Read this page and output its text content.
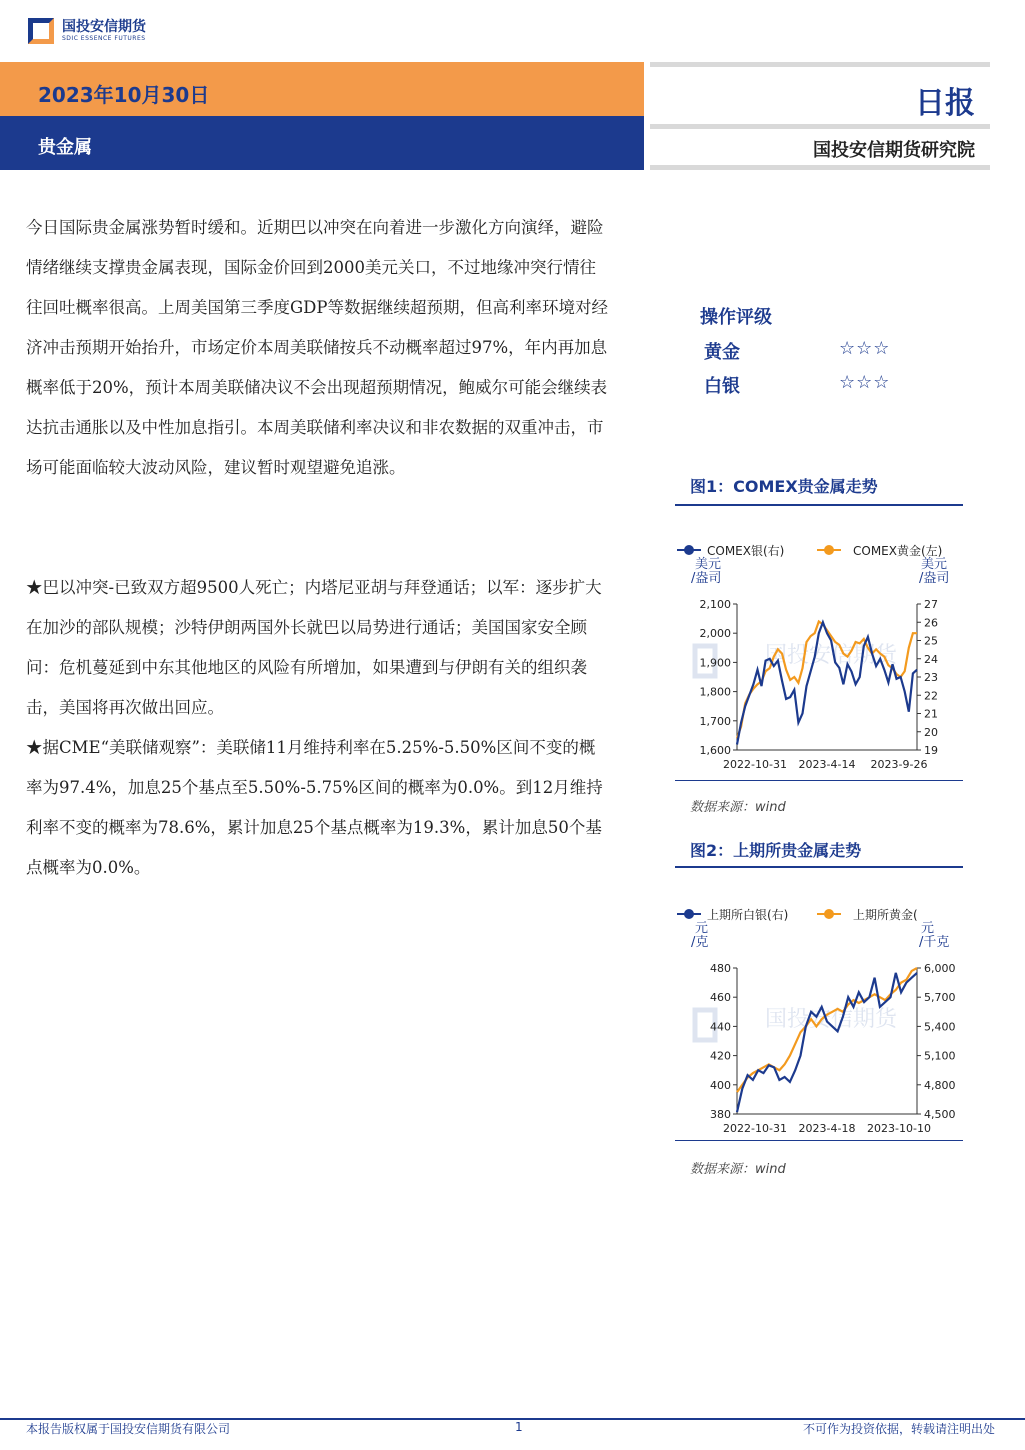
国投安信期货
SDIC ESSENCE FUTURES
2023年10月30日
贵金属
日报
国投安信期货研究院
今日国际贵金属涨势暂时缓和。近期巴以冲突在向着进一步激化方向演绎，避险情绪继续支撑贵金属表现，国际金价回到2000美元关口，不过地缘冲突行情往往回吐概率很高。上周美国第三季度GDP等数据继续超预期，但高利率环境对经济冲击预期开始抬升，市场定价本周美联储按兵不动概率超过97%，年内再加息概率低于20%，预计本周美联储决议不会出现超预期情况，鲍威尔可能会继续表达抗击通胀以及中性加息指引。本周美联储利率决议和非农数据的双重冲击，市场可能面临较大波动风险，建议暂时观望避免追涨。
★巴以冲突-已致双方超9500人死亡；内塔尼亚胡与拜登通话；以军：逐步扩大在加沙的部队规模；沙特伊朗两国外长就巴以局势进行通话；美国国家安全顾问：危机蔓延到中东其他地区的风险有所增加，如果遭到与伊朗有关的组织袭击，美国将再次做出回应。
★据CME“美联储观察”：美联储11月维持利率在5.25%-5.50%区间不变的概率为97.4%，加息25个基点至5.50%-5.75%区间的概率为0.0%。到12月维持利率不变的概率为78.6%，累计加息25个基点概率为19.3%，累计加息50个基点概率为0.0%。
操作评级
黄金	☆☆☆
白银	☆☆☆
图1：COMEX贵金属走势
COMEX银(右)	COMEX黄金(左)
美元
/盎司
美元
/盎司
国投安信期货
1,600
1,700
1,800
1,900
2,000
2,100
19
20
21
22
23
24
25
26
27
2022-10-31 2023-4-14 2023-9-26
数据来源：wind
图2：上期所贵金属走势
上期所白银(右)	上期所黄金(
元
/克
元
/千克
国投安信期货
380
400
420
440
460
480
4,500
4,800
5,100
5,400
5,700
6,000
2022-10-31 2023-4-18 2023-10-10
数据来源：wind
本报告版权属于国投安信期货有限公司	1	不可作为投资依据，转载请注明出处
